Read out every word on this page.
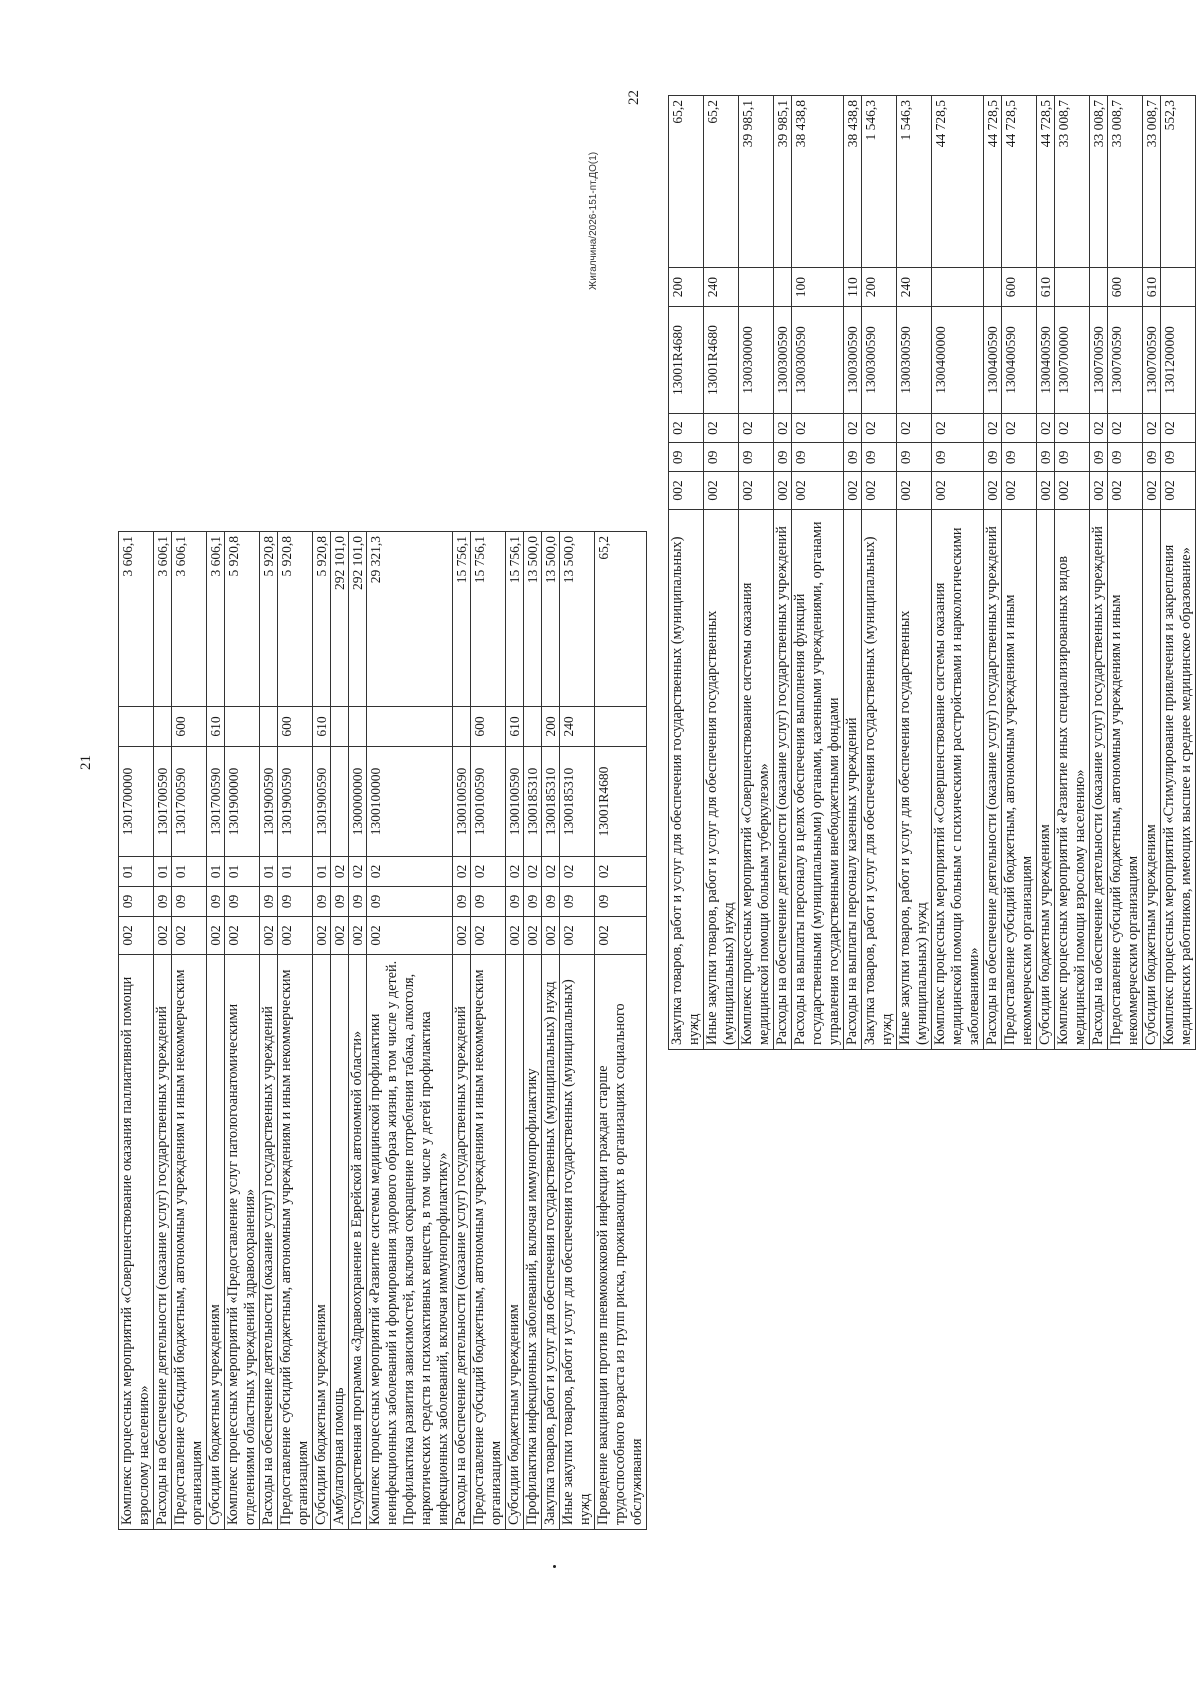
21
Комплекс процессных мероприятий «Совершенствование оказания паллиативной помощи взрослому населению»	002	09	01	1301700000		3 606,1
Расходы на обеспечение деятельности (оказание услуг) государственных учреждений	002	09	01	1301700590		3 606,1
Предоставление субсидий бюджетным, автономным учреждениям и иным некоммерческим организациям	002	09	01	1301700590	600	3 606,1
Субсидии бюджетным учреждениям	002	09	01	1301700590	610	3 606,1
Комплекс процессных мероприятий «Предоставление услуг патологоанатомическими отделениями областных учреждений здравоохранения»	002	09	01	1301900000		5 920,8
Расходы на обеспечение деятельности (оказание услуг) государственных учреждений	002	09	01	1301900590		5 920,8
Предоставление субсидий бюджетным, автономным учреждениям и иным некоммерческим организациям	002	09	01	1301900590	600	5 920,8
Субсидии бюджетным учреждениям	002	09	01	1301900590	610	5 920,8
Амбулаторная помощь	002	09	02			292 101,0
Государственная программа «Здравоохранение в Еврейской автономной области»	002	09	02	1300000000		292 101,0
Комплекс процессных мероприятий «Развитие системы медицинской профилактики неинфекционных заболеваний и формирования здорового образа жизни, в том числе у детей. Профилактика развития зависимостей, включая сокращение потребления табака, алкоголя, наркотических средств и психоактивных веществ, в том числе у детей профилактика инфекционных заболеваний, включая иммунопрофилактику»	002	09	02	1300100000		29 321,3
Расходы на обеспечение деятельности (оказание услуг) государственных учреждений	002	09	02	1300100590		15 756,1
Предоставление субсидий бюджетным, автономным учреждениям и иным некоммерческим организациям	002	09	02	1300100590	600	15 756,1
Субсидии бюджетным учреждениям	002	09	02	1300100590	610	15 756,1
Профилактика инфекционных заболеваний, включая иммунопрофилактику	002	09	02	1300185310		13 500,0
Закупка товаров, работ и услуг для обеспечения государственных (муниципальных) нужд	002	09	02	1300185310	200	13 500,0
Иные закупки товаров, работ и услуг для обеспечения государственных (муниципальных) нужд	002	09	02	1300185310	240	13 500,0
Проведение вакцинации против пневмококковой инфекции граждан старше трудоспособного возраста из групп риска, проживающих в организациях социального обслуживания	002	09	02	13001R4680		65,2
Жигалчина/2026-151-пт.ДО(1)
22
Закупка товаров, работ и услуг для обеспечения государственных (муниципальных) нужд	002	09	02	13001R4680	200	65,2
Иные закупки товаров, работ и услуг для обеспечения государственных (муниципальных) нужд	002	09	02	13001R4680	240	65,2
Комплекс процессных мероприятий «Совершенствование системы оказания медицинской помощи больным туберкулезом»	002	09	02	1300300000		39 985,1
Расходы на обеспечение деятельности (оказание услуг) государственных учреждений	002	09	02	1300300590		39 985,1
Расходы на выплаты персоналу в целях обеспечения выполнения функций государственными (муниципальными) органами, казенными учреждениями, органами управления государственными внебюджетными фондами	002	09	02	1300300590	100	38 438,8
Расходы на выплаты персоналу казенных учреждений	002	09	02	1300300590	110	38 438,8
Закупка товаров, работ и услуг для обеспечения государственных (муниципальных) нужд	002	09	02	1300300590	200	1 546,3
Иные закупки товаров, работ и услуг для обеспечения государственных (муниципальных) нужд	002	09	02	1300300590	240	1 546,3
Комплекс процессных мероприятий «Совершенствование системы оказания медицинской помощи больным с психическими расстройствами и наркологическими заболеваниями»	002	09	02	1300400000		44 728,5
Расходы на обеспечение деятельности (оказание услуг) государственных учреждений	002	09	02	1300400590		44 728,5
Предоставление субсидий бюджетным, автономным учреждениям и иным некоммерческим организациям	002	09	02	1300400590	600	44 728,5
Субсидии бюджетным учреждениям	002	09	02	1300400590	610	44 728,5
Комплекс процессных мероприятий «Развитие иных специализированных видов медицинской помощи взрослому населению»	002	09	02	1300700000		33 008,7
Расходы на обеспечение деятельности (оказание услуг) государственных учреждений	002	09	02	1300700590		33 008,7
Предоставление субсидий бюджетным, автономным учреждениям и иным некоммерческим организациям	002	09	02	1300700590	600	33 008,7
Субсидии бюджетным учреждениям	002	09	02	1300700590	610	33 008,7
Комплекс процессных мероприятий «Стимулирование привлечения и закрепления медицинских работников, имеющих высшее и среднее медицинское образование»	002	09	02	1301200000		552,3
